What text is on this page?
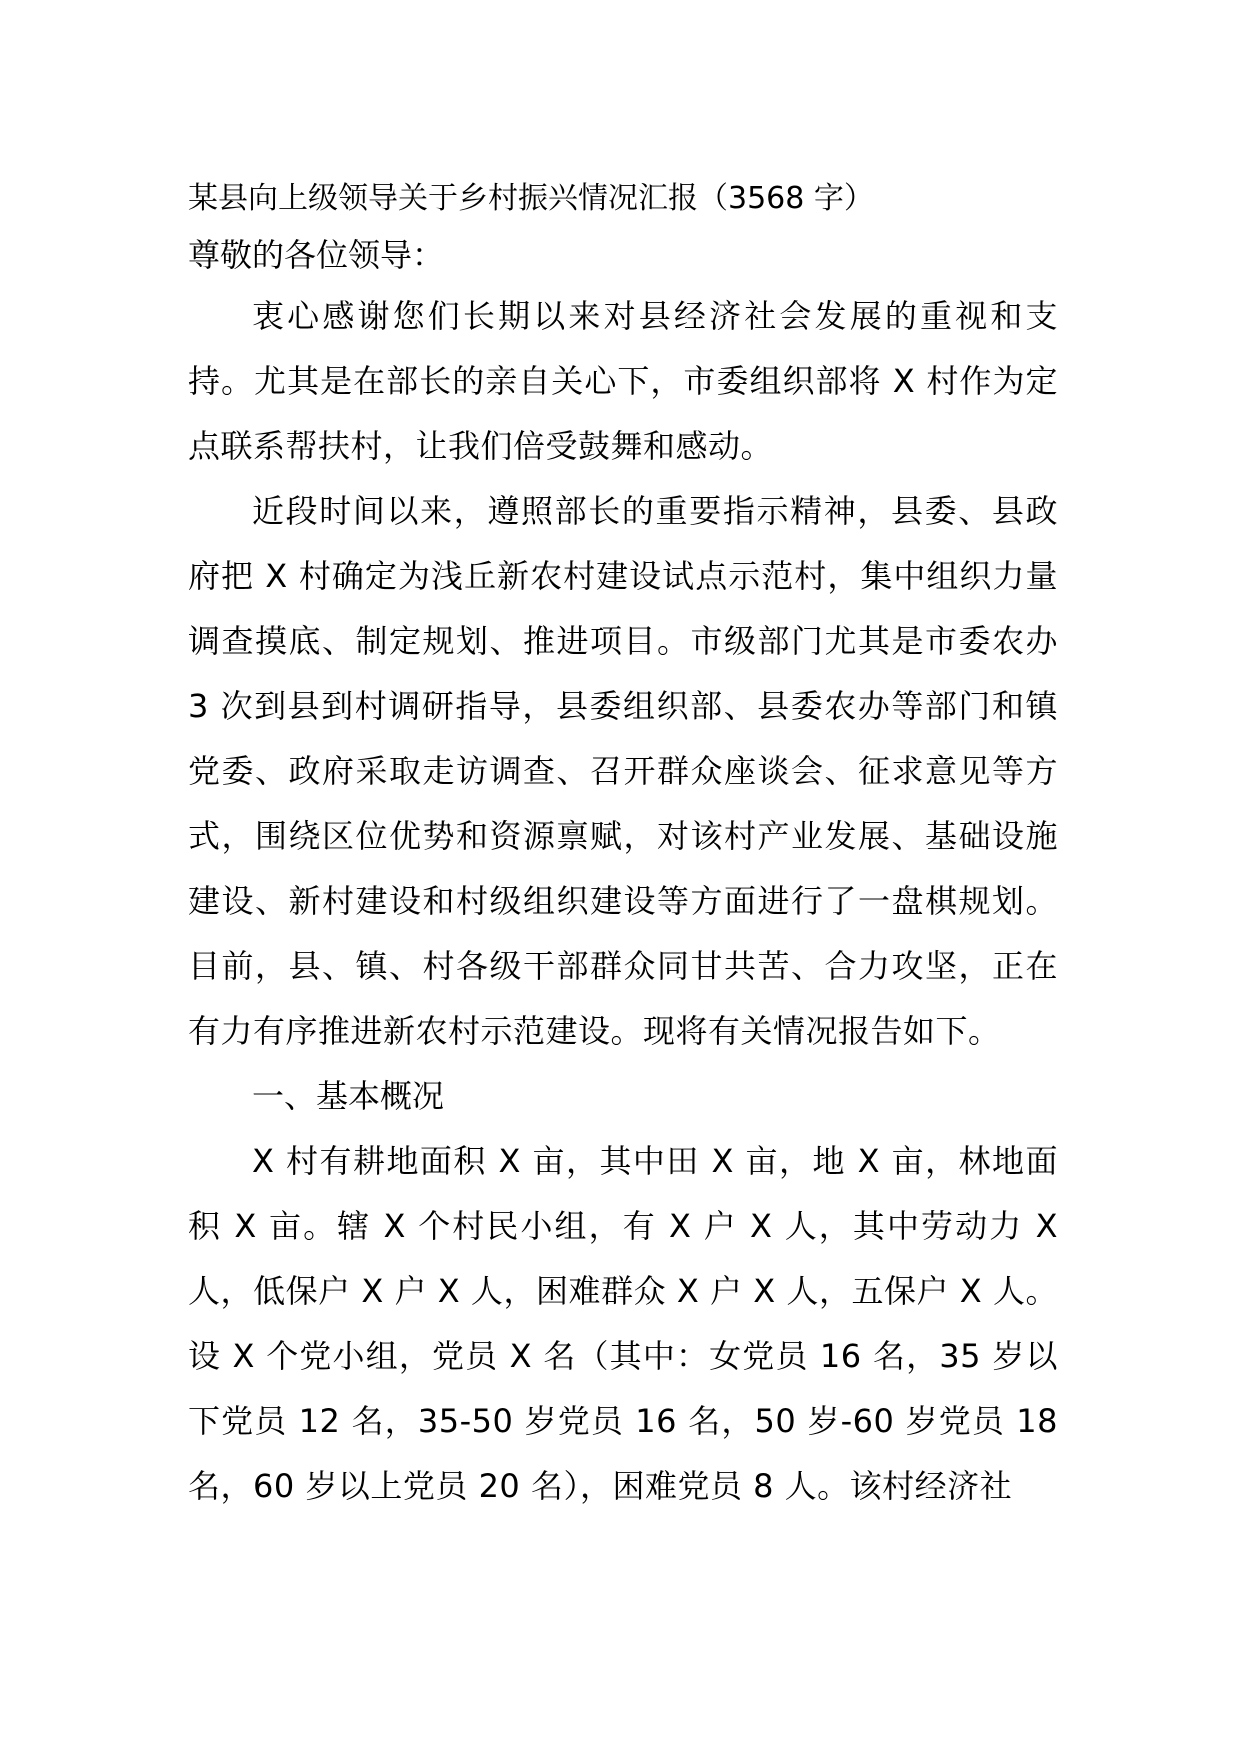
某县向上级领导关于乡村振兴情况汇报（3568 字）

尊敬的各位领导：

衷心感谢您们长期以来对县经济社会发展的重视和支持。尤其是在部长的亲自关心下，市委组织部将 X 村作为定点联系帮扶村，让我们倍受鼓舞和感动。

近段时间以来，遵照部长的重要指示精神，县委、县政府把 X 村确定为浅丘新农村建设试点示范村，集中组织力量调查摸底、制定规划、推进项目。市级部门尤其是市委农办 3 次到县到村调研指导，县委组织部、县委农办等部门和镇党委、政府采取走访调查、召开群众座谈会、征求意见等方式，围绕区位优势和资源禀赋，对该村产业发展、基础设施建设、新村建设和村级组织建设等方面进行了一盘棋规划。目前，县、镇、村各级干部群众同甘共苦、合力攻坚，正在有力有序推进新农村示范建设。现将有关情况报告如下。

一、基本概况

X 村有耕地面积 X 亩，其中田 X 亩，地 X 亩，林地面积 X 亩。辖 X 个村民小组，有 X 户 X 人，其中劳动力 X 人，低保户 X 户 X 人，困难群众 X 户 X 人，五保户 X 人。设 X 个党小组，党员 X 名（其中：女党员 16 名，35 岁以下党员 12 名，35-50 岁党员 16 名，50 岁-60 岁党员 18 名，60 岁以上党员 20 名），困难党员 8 人。该村经济社
